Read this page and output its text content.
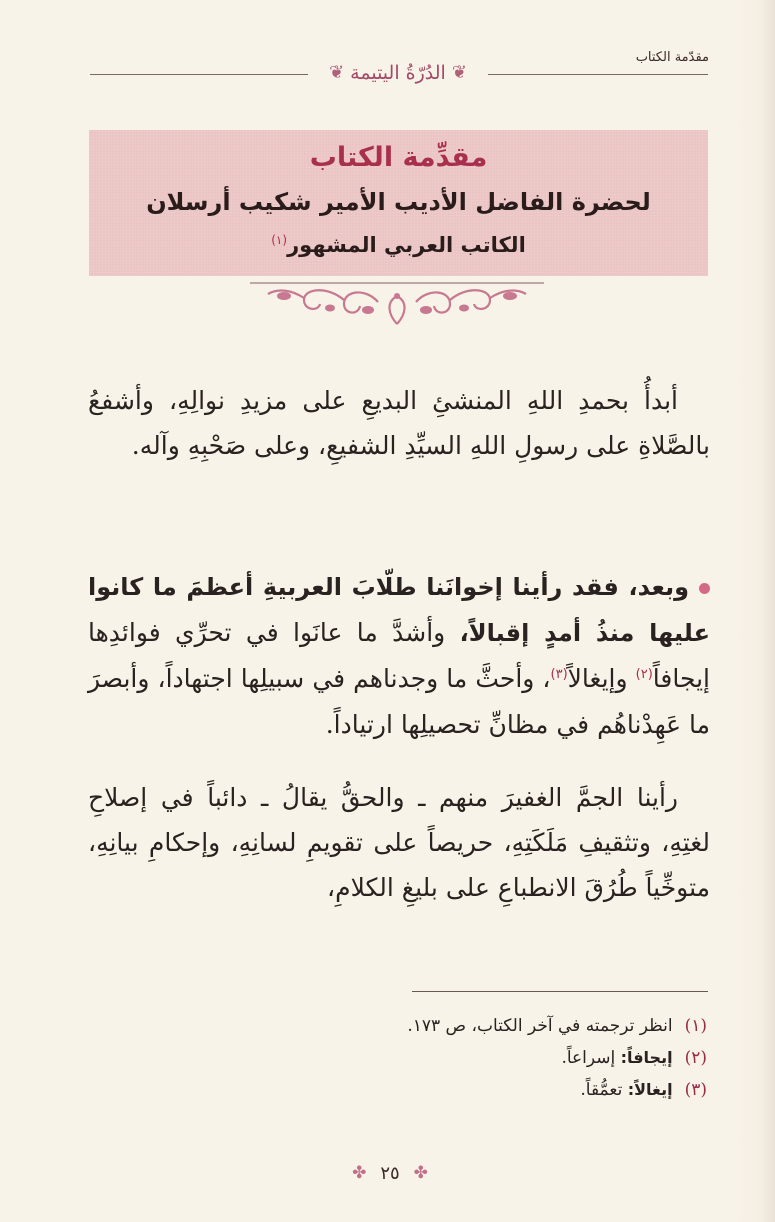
مقدّمة الكتاب
❦ الدُرّةُ اليتيمة ❦
مقدِّمة الكتاب
لحضرة الفاضل الأديب الأمير شكيب أرسلان
الكاتب العربي المشهور$^{(١)}$

أبدأُ بحمدِ اللهِ المنشئِ البديعِ على مزيدِ نوالِهِ، وأشفعُ بالصَّلاةِ على رسولِ اللهِ السيِّدِ الشفيعِ، وعلى صَحْبِهِ وآله.

وبعد، فقد رأينا إخوانَنا طلّابَ العربيةِ أعظمَ ما كانوا عليها منذُ أمدٍ إقبالاً، وأشدَّ ما عانَوا في تحرِّي فوائدِها إيجافاً$^{(٢)}$ وإيغالاً$^{(٣)}$، وأحثَّ ما وجدناهم في سبيلِها اجتهاداً، وأبصرَ ما عَهِدْناهُم في مظانِّ تحصيلِها ارتياداً.

رأينا الجمَّ الغفيرَ منهم ـ والحقُّ يقالُ ـ دائباً في إصلاحِ لغتِهِ، وتثقيفِ مَلَكَتِهِ، حريصاً على تقويمِ لسانِهِ، وإحكامِ بيانِهِ، متوخِّياً طُرُقَ الانطباعِ على بليغِ الكلامِ،

(١)انظر ترجمته في آخر الكتاب، ص ١٧٣.
(٢)إيجافاً: إسراعاً.
(٣)إيغالاً: تعمُّقاً.
✤ ٢٥ ✤
